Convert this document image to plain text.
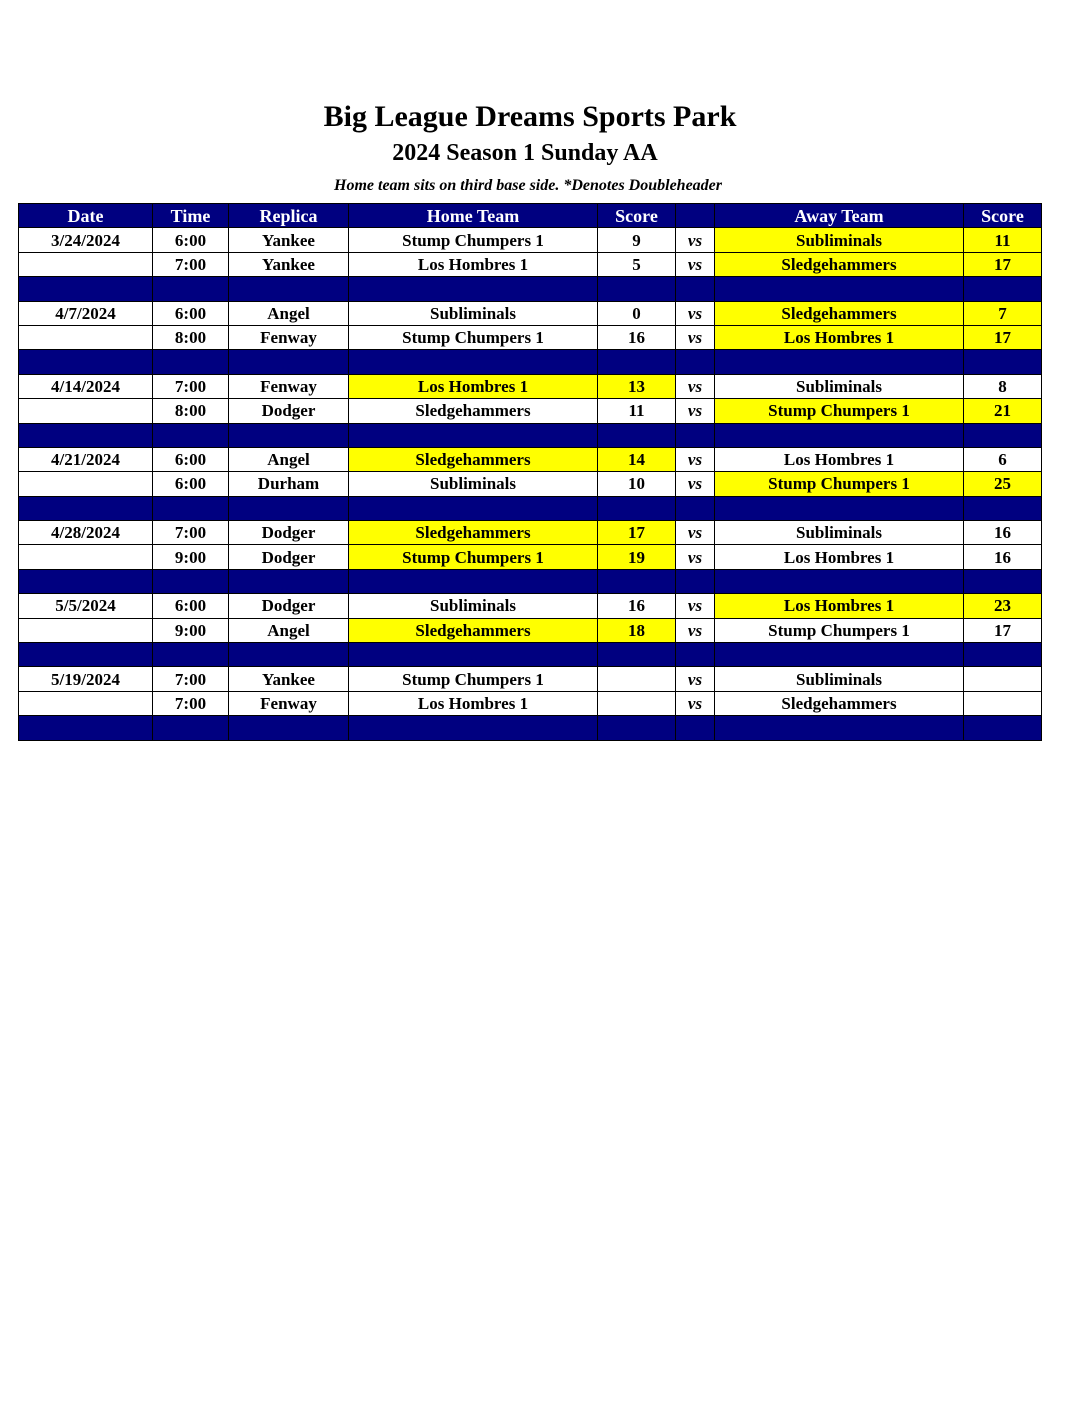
Big League Dreams Sports Park
2024 Season 1 Sunday AA
Home team sits on third base side. *Denotes Doubleheader
Date	Time	Replica	Home Team	Score		Away Team	Score
3/24/2024	6:00	Yankee	Stump Chumpers 1	9	vs	Subliminals	11
	7:00	Yankee	Los Hombres 1	5	vs	Sledgehammers	17

4/7/2024	6:00	Angel	Subliminals	0	vs	Sledgehammers	7
	8:00	Fenway	Stump Chumpers 1	16	vs	Los Hombres 1	17

4/14/2024	7:00	Fenway	Los Hombres 1	13	vs	Subliminals	8
	8:00	Dodger	Sledgehammers	11	vs	Stump Chumpers 1	21

4/21/2024	6:00	Angel	Sledgehammers	14	vs	Los Hombres 1	6
	6:00	Durham	Subliminals	10	vs	Stump Chumpers 1	25

4/28/2024	7:00	Dodger	Sledgehammers	17	vs	Subliminals	16
	9:00	Dodger	Stump Chumpers 1	19	vs	Los Hombres 1	16

5/5/2024	6:00	Dodger	Subliminals	16	vs	Los Hombres 1	23
	9:00	Angel	Sledgehammers	18	vs	Stump Chumpers 1	17

5/19/2024	7:00	Yankee	Stump Chumpers 1		vs	Subliminals	
	7:00	Fenway	Los Hombres 1		vs	Sledgehammers	
